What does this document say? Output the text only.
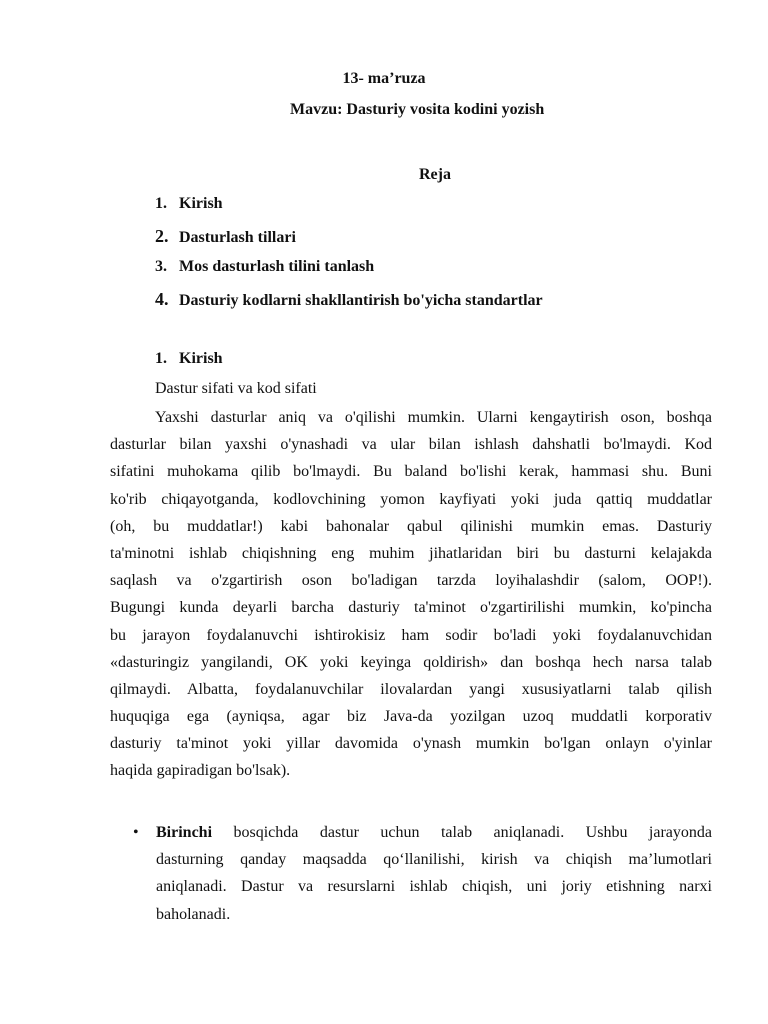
13- ma’ruza
Mavzu: Dasturiy vosita kodini yozish
Reja
1. Kirish
2. Dasturlash tillari
3. Mos dasturlash tilini tanlash
4. Dasturiy kodlarni shakllantirish bo'yicha standartlar
1. Kirish
Dastur sifati va kod sifati
Yaxshi dasturlar aniq va o'qilishi mumkin. Ularni kengaytirish oson, boshqa
dasturlar bilan yaxshi o'ynashadi va ular bilan ishlash dahshatli bo'lmaydi. Kod
sifatini muhokama qilib bo'lmaydi. Bu baland bo'lishi kerak, hammasi shu. Buni
ko'rib chiqayotganda, kodlovchining yomon kayfiyati yoki juda qattiq muddatlar
(oh, bu muddatlar!) kabi bahonalar qabul qilinishi mumkin emas. Dasturiy
ta'minotni ishlab chiqishning eng muhim jihatlaridan biri bu dasturni kelajakda
saqlash va o'zgartirish oson bo'ladigan tarzda loyihalashdir (salom, OOP!).
Bugungi kunda deyarli barcha dasturiy ta'minot o'zgartirilishi mumkin, ko'pincha
bu jarayon foydalanuvchi ishtirokisiz ham sodir bo'ladi yoki foydalanuvchidan
«dasturingiz yangilandi, OK yoki keyinga qoldirish» dan boshqa hech narsa talab
qilmaydi. Albatta, foydalanuvchilar ilovalardan yangi xususiyatlarni talab qilish
huquqiga ega (ayniqsa, agar biz Java-da yozilgan uzoq muddatli korporativ
dasturiy ta'minot yoki yillar davomida o'ynash mumkin bo'lgan onlayn o'yinlar
haqida gapiradigan bo'lsak).
• Birinchi bosqichda dastur uchun talab aniqlanadi. Ushbu jarayonda
dasturning qanday maqsadda qo‘llanilishi, kirish va chiqish ma’lumotlari
aniqlanadi. Dastur va resurslarni ishlab chiqish, uni joriy etishning narxi
baholanadi.
